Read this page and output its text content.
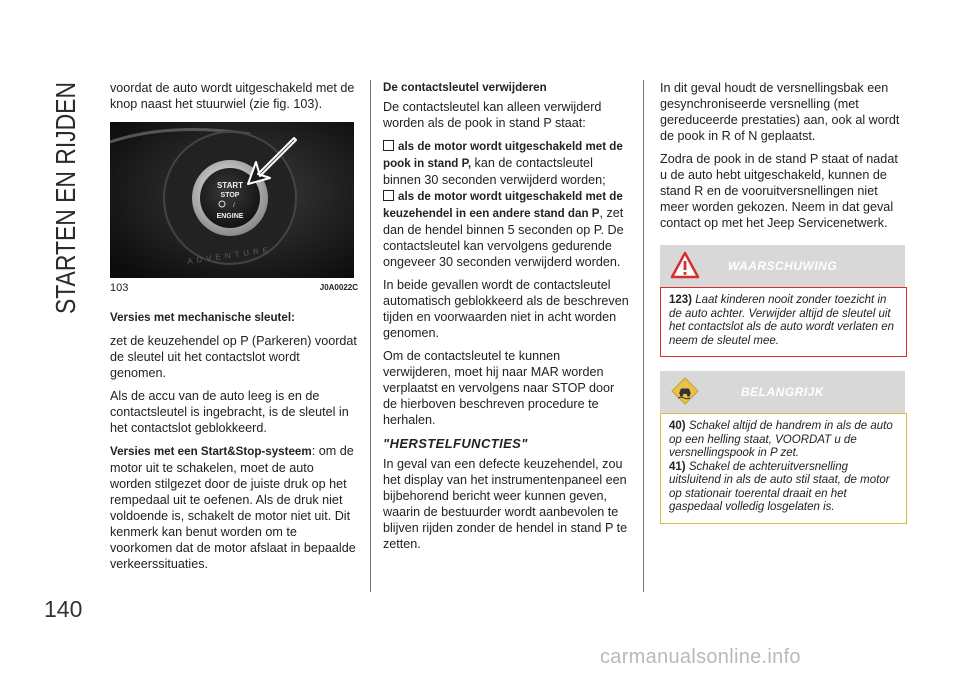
STARTEN EN RIJDEN
140

voordat de auto wordt uitgeschakeld met de knop naast het stuurwiel (zie fig. 103).

START
STOP
/
ENGINE
ADVENTURE
103	J0A0022C

Versies met mechanische sleutel:

zet de keuzehendel op P (Parkeren) voordat de sleutel uit het contactslot wordt genomen.

Als de accu van de auto leeg is en de contactsleutel is ingebracht, is de sleutel in het contactslot geblokkeerd.

Versies met een Start&Stop-systeem: om de motor uit te schakelen, moet de auto worden stilgezet door de juiste druk op het rempedaal uit te oefenen. Als de druk niet voldoende is, schakelt de motor niet uit. Dit kenmerk kan benut worden om te voorkomen dat de motor afslaat in bepaalde verkeerssituaties.

De contactsleutel verwijderen

De contactsleutel kan alleen verwijderd worden als de pook in stand P staat:

als de motor wordt uitgeschakeld met de pook in stand P, kan de contactsleutel binnen 30 seconden verwijderd worden;

als de motor wordt uitgeschakeld met de keuzehendel in een andere stand dan P, zet dan de hendel binnen 5 seconden op P. De contactsleutel kan vervolgens gedurende ongeveer 30 seconden verwijderd worden.

In beide gevallen wordt de contactsleutel automatisch geblokkeerd als de beschreven tijden en voorwaarden niet in acht worden genomen.

Om de contactsleutel te kunnen verwijderen, moet hij naar MAR worden verplaatst en vervolgens naar STOP door de hierboven beschreven procedure te herhalen.

"HERSTELFUNCTIES"

In geval van een defecte keuzehendel, zou het display van het instrumentenpaneel een bijbehorend bericht weer kunnen geven, waarin de bestuurder wordt aanbevolen te blijven rijden zonder de hendel in stand P te zetten.

In dit geval houdt de versnellingsbak een gesynchroniseerde versnelling (met gereduceerde prestaties) aan, ook al wordt de pook in R of N geplaatst.

Zodra de pook in de stand P staat of nadat u de auto hebt uitgeschakeld, kunnen de stand R en de vooruitversnellingen niet meer worden gekozen. Neem in dat geval contact op met het Jeep Servicenetwerk.

WAARSCHUWING

123) Laat kinderen nooit zonder toezicht in de auto achter. Verwijder altijd de sleutel uit het contactslot als de auto wordt verlaten en neem de sleutel mee.

BELANGRIJK

40) Schakel altijd de handrem in als de auto op een helling staat, VOORDAT u de versnellingspook in P zet.

41) Schakel de achteruitversnelling uitsluitend in als de auto stil staat, de motor op stationair toerental draait en het gaspedaal volledig losgelaten is.

carmanualsonline.info
